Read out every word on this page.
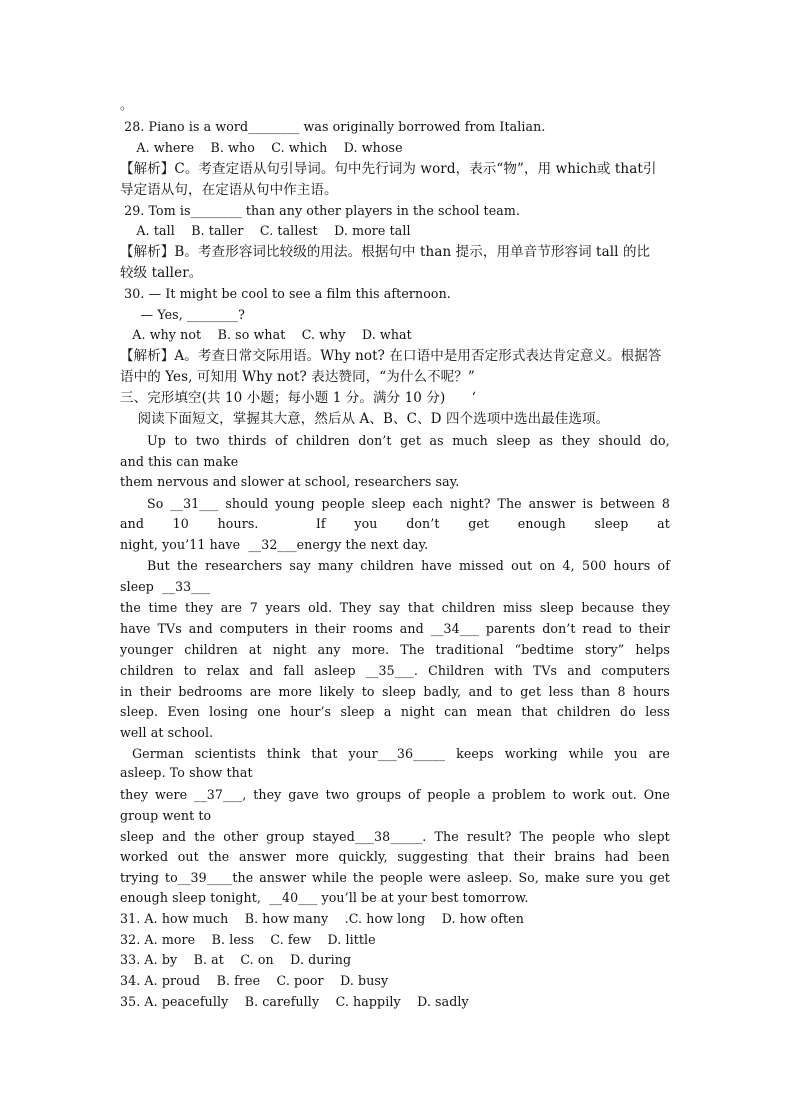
。
28. Piano is a word________ was originally borrowed from Italian.
A. where    B. who    C. which    D. whose
【解析】C。考查定语从句引导词。句中先行词为 word，表示“物”，用 which或 that引
导定语从句，在定语从句中作主语。
29. Tom is________ than any other players in the school team.
A. tall    B. taller    C. tallest    D. more tall
【解析】B。考查形容词比较级的用法。根据句中 than 提示，用单音节形容词 tall 的比
较级 taller。
30. — It might be cool to see a film this afternoon.
— Yes, ________?
A. why not    B. so what    C. why    D. what
【解析】A。考查日常交际用语。Why not? 在口语中是用否定形式表达肯定意义。根据答
语中的 Yes, 可知用 Why not? 表达赞同，“为什么不呢？”
三、完形填空(共 10 小题；每小题 1 分。满分 10 分)      ‘
阅读下面短文，掌握其大意，然后从 A、B、C、D 四个选项中选出最佳选项。
Up to two thirds of children don’t get as much sleep as they should do,
and this can make
them nervous and slower at school, researchers say.
So __31___ should young people sleep each night? The answer is between 8
and 10 hours.	If you don’t get enough sleep at
night, you’11 have  __32___energy the next day.
But the researchers say many children have missed out on 4, 500 hours of
sleep  __33___
the time they are 7 years old. They say that children miss sleep because they
have TVs and computers in their rooms and __34___ parents don’t read to their
younger children at night any more. The traditional “bedtime story” helps
children to relax and fall asleep __35___. Children with TVs and computers
in their bedrooms are more likely to sleep badly, and to get less than 8 hours
sleep. Even losing one hour’s sleep a night can mean that children do less
well at school.
German scientists think that your___36_____ keeps working while you are
asleep. To show that
they were __37___, they gave two groups of people a problem to work out. One
group went to
sleep and the other group stayed___38_____. The result? The people who slept
worked out the answer more quickly, suggesting that their brains had been
trying to__39____the answer while the people were asleep. So, make sure you get
enough sleep tonight,  __40___ you’ll be at your best tomorrow.
31. A. how much    B. how many    .C. how long    D. how often
32. A. more    B. less    C. few    D. little
33. A. by    B. at    C. on    D. during
34. A. proud    B. free    C. poor    D. busy
35. A. peacefully    B. carefully    C. happily    D. sadly
